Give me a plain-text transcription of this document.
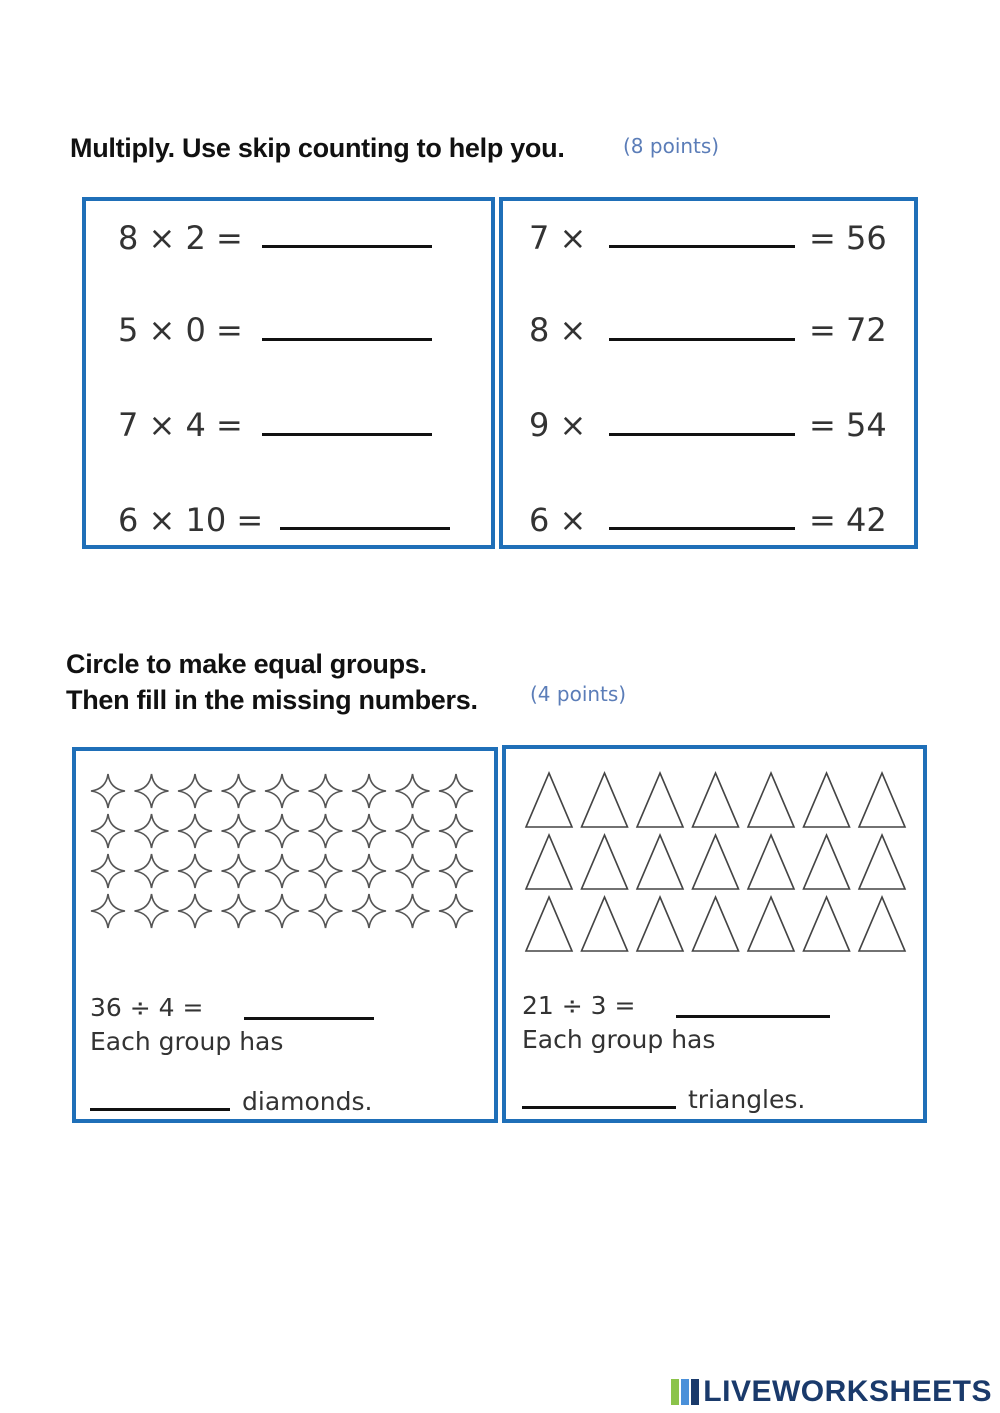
Multiply. Use skip counting to help you.	(8 points)
8 × 2 =
5 × 0 =
7 × 4 =
6 × 10 =
7 ×	= 56
8 ×	= 72
9 ×	= 54
6 ×	= 42
Circle to make equal groups.
Then fill in the missing numbers.	(4 points)
36 ÷ 4 =
Each group has
diamonds.
21 ÷ 3 =
Each group has
triangles.
LIVEWORKSHEETS
